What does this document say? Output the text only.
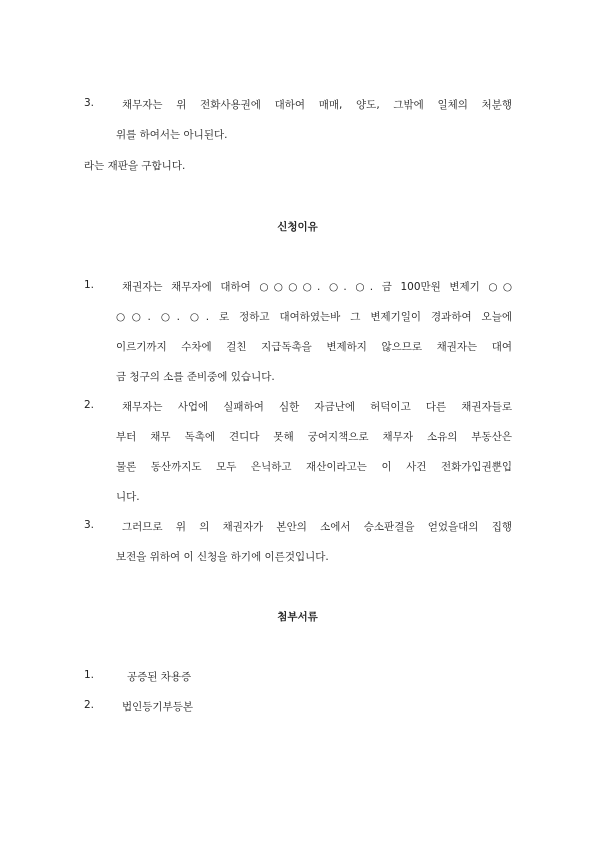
3.	채무자는 위 전화사용권에 대하여 매매, 양도, 그밖에 일체의 처분행
위를 하여서는 아니된다.
라는 재판을 구합니다.
신청이유
1.	채권자는 채무자에 대하여 ○○○○. ○. ○. 금 100만원 변제기 ○○
○○. ○. ○. 로 정하고 대여하였는바 그 변제기일이 경과하여 오늘에
이르기까지 수차에 걸친 지급독촉을 변제하지 않으므로 채권자는 대여
금 청구의 소를 준비중에 있습니다.
2.	채무자는 사업에 실패하여 심한 자금난에 허덕이고 다른 채권자들로
부터 채무 독촉에 견디다 못해 궁여지책으로 채무자 소유의 부동산은
물론 동산까지도 모두 은닉하고 재산이라고는 이 사건 전화가입권뿐입
니다.
3.	그러므로 위 의 채권자가 본안의 소에서 승소판결을 얻었을대의 집행
보전을 위하여 이 신청을 하기에 이른것입니다.
첨부서류
1.	공증된 차용증
2.	법인등기부등본
